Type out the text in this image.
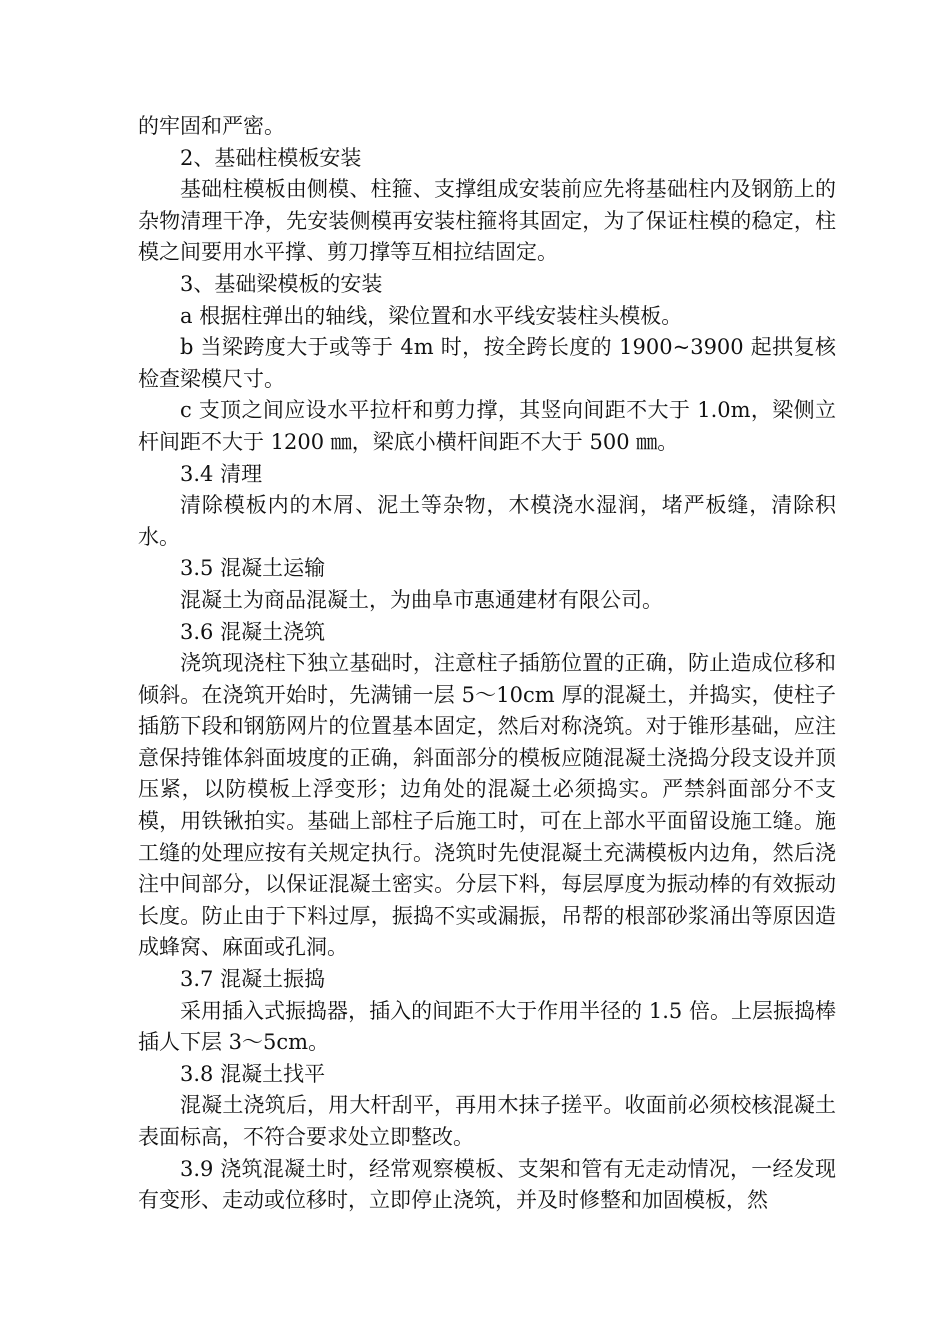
的牢固和严密。

2、基础柱模板安装

基础柱模板由侧模、柱箍、支撑组成安装前应先将基础柱内及钢筋上的杂物清理干净，先安装侧模再安装柱箍将其固定，为了保证柱模的稳定，柱模之间要用水平撑、剪刀撑等互相拉结固定。

3、基础梁模板的安装

a 根据柱弹出的轴线，梁位置和水平线安装柱头模板。

b 当梁跨度大于或等于 4m 时，按全跨长度的 1900~3900 起拱复核检查梁模尺寸。

c 支顶之间应设水平拉杆和剪力撑，其竖向间距不大于 1.0m，梁侧立杆间距不大于 1200 ㎜，梁底小横杆间距不大于 500 ㎜。

3.4 清理

清除模板内的木屑、泥土等杂物，木模浇水湿润，堵严板缝，清除积水。

3.5 混凝土运输

混凝土为商品混凝土，为曲阜市惠通建材有限公司。

3.6 混凝土浇筑

浇筑现浇柱下独立基础时，注意柱子插筋位置的正确，防止造成位移和倾斜。在浇筑开始时，先满铺一层 5～10cm 厚的混凝土，并捣实，使柱子插筋下段和钢筋网片的位置基本固定，然后对称浇筑。对于锥形基础，应注意保持锥体斜面坡度的正确，斜面部分的模板应随混凝土浇捣分段支设并顶压紧，以防模板上浮变形；边角处的混凝土必须捣实。严禁斜面部分不支模，用铁锹拍实。基础上部柱子后施工时，可在上部水平面留设施工缝。施工缝的处理应按有关规定执行。浇筑时先使混凝土充满模板内边角，然后浇注中间部分，以保证混凝土密实。分层下料，每层厚度为振动棒的有效振动长度。防止由于下料过厚，振捣不实或漏振，吊帮的根部砂浆涌出等原因造成蜂窝、麻面或孔洞。

3.7 混凝土振捣

采用插入式振捣器，插入的间距不大于作用半径的 1.5 倍。上层振捣棒插人下层 3～5cm。

3.8 混凝土找平

混凝土浇筑后，用大杆刮平，再用木抹子搓平。收面前必须校核混凝土表面标高，不符合要求处立即整改。

3.9 浇筑混凝土时，经常观察模板、支架和管有无走动情况，一经发现有变形、走动或位移时，立即停止浇筑，并及时修整和加固模板，然
